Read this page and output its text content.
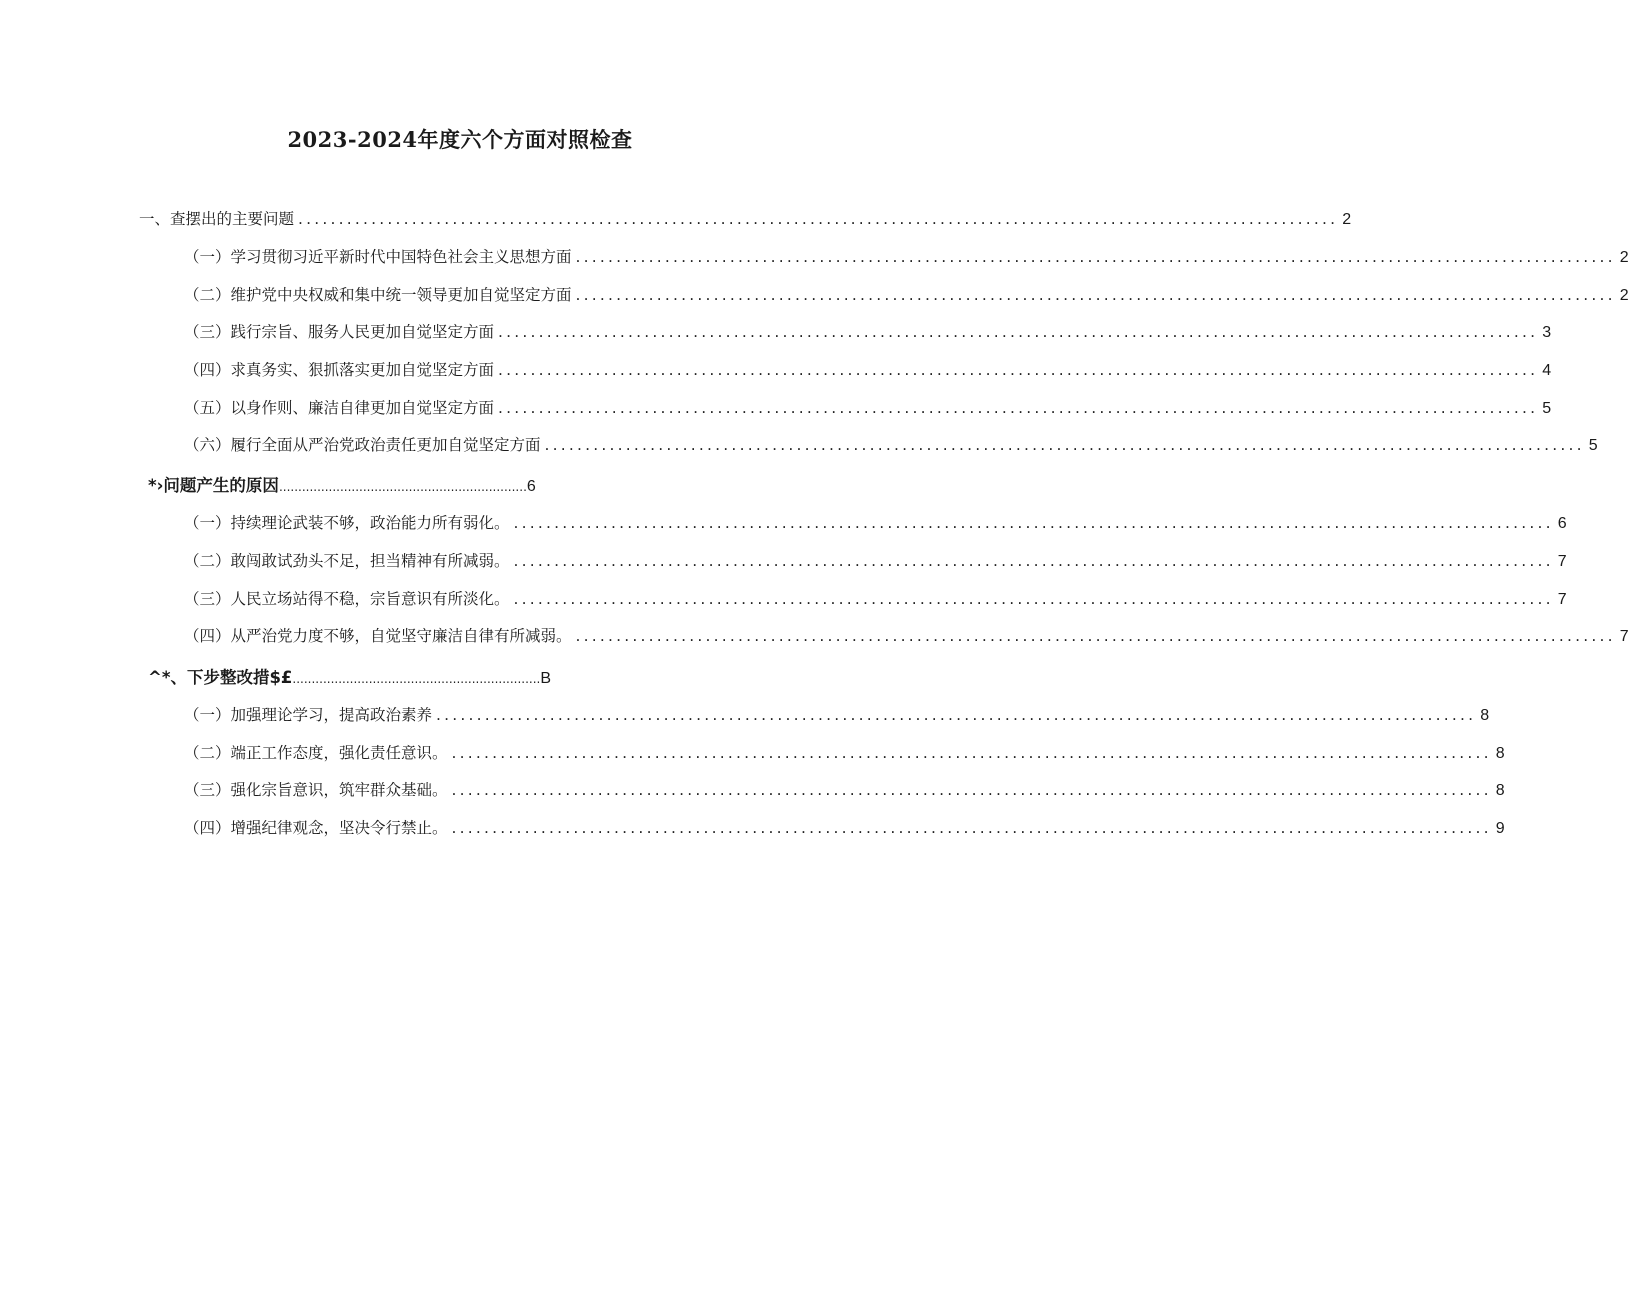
2023-2024年度六个方面对照检查
一、查摆出的主要问题 ................................................................................................................................ 2
（一）学习贯彻习近平新时代中国特色社会主义思想方面 ................................................................................................................................ 2
（二）维护党中央权威和集中统一领导更加自觉坚定方面 ................................................................................................................................ 2
（三）践行宗旨、服务人民更加自觉坚定方面 ................................................................................................................................ 3
（四）求真务实、狠抓落实更加自觉坚定方面 ................................................................................................................................ 4
（五）以身作则、廉洁自律更加自觉坚定方面 ................................................................................................................................ 5
（六）履行全面从严治党政治责任更加自觉坚定方面 ................................................................................................................................ 5
*›问题产生的原因 ................................................................. 6
（一）持续理论武装不够，政治能力所有弱化。 ................................................................................................................................ 6
（二）敢闯敢试劲头不足，担当精神有所减弱。 ................................................................................................................................ 7
（三）人民立场站得不稳，宗旨意识有所淡化。 ................................................................................................................................ 7
（四）从严治党力度不够，自觉坚守廉洁自律有所减弱。 ................................................................................................................................ 7
^*、下步整改措$£ ................................................................. B
（一）加强理论学习，提高政治素养 ................................................................................................................................ 8
（二）端正工作态度，强化责任意识。 ................................................................................................................................ 8
（三）强化宗旨意识，筑牢群众基础。 ................................................................................................................................ 8
（四）增强纪律观念，坚决令行禁止。 ................................................................................................................................ 9
